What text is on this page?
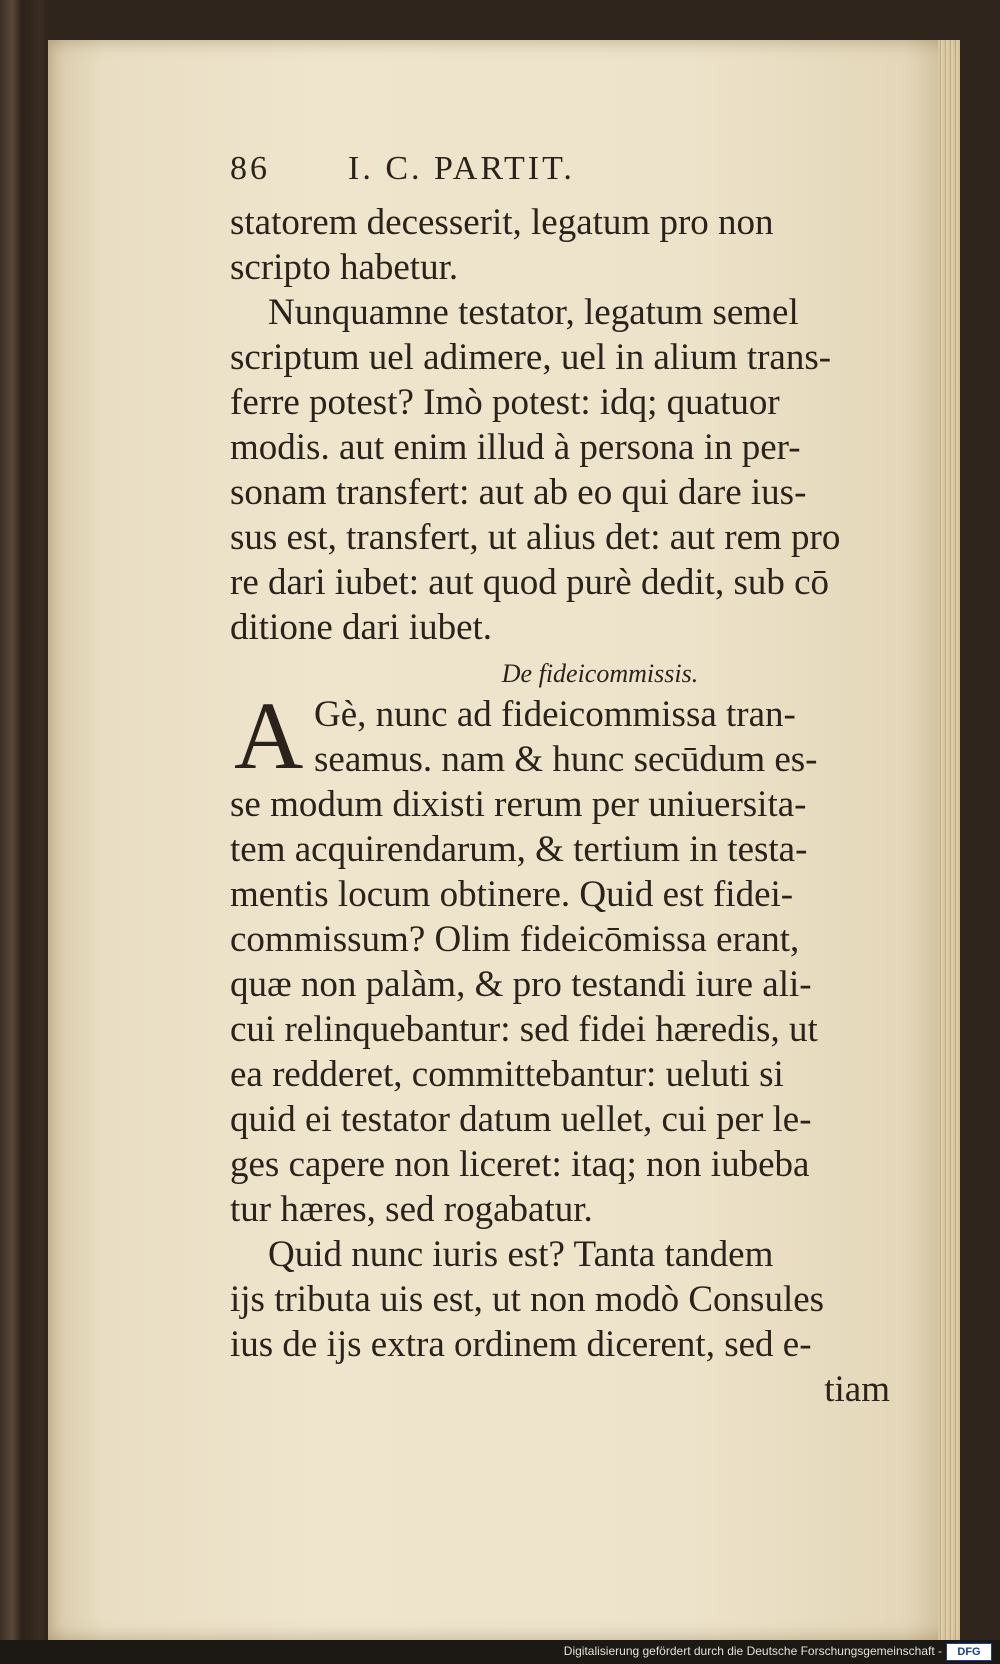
86	I. C. PARTIT.
statorem decesserit, legatum pro non
scripto habetur.
Nunquamne testator, legatum semel
scriptum uel adimere, uel in alium trans-
ferre potest? Imò potest: idq; quatuor
modis. aut enim illud à persona in per-
sonam transfert: aut ab eo qui dare ius-
sus est, transfert, ut alius det: aut rem pro
re dari iubet: aut quod purè dedit, sub cō
ditione dari iubet.
De fideicommissis.
A Gè, nunc ad fideicommissa tran-
seamus. nam & hunc secūdum es-
se modum dixisti rerum per uniuersita-
tem acquirendarum, & tertium in testa-
mentis locum obtinere. Quid est fidei-
commissum? Olim fideicōmissa erant,
quæ non palàm, & pro testandi iure ali-
cui relinquebantur: sed fidei hæredis, ut
ea redderet, committebantur: ueluti si
quid ei testator datum uellet, cui per le-
ges capere non liceret: itaq; non iubeba
tur hæres, sed rogabatur.
Quid nunc iuris est? Tanta tandem
ijs tributa uis est, ut non modò Consules
ius de ijs extra ordinem dicerent, sed e-
tiam
Digitalisierung gefördert durch die Deutsche Forschungsgemeinschaft -	DFG
